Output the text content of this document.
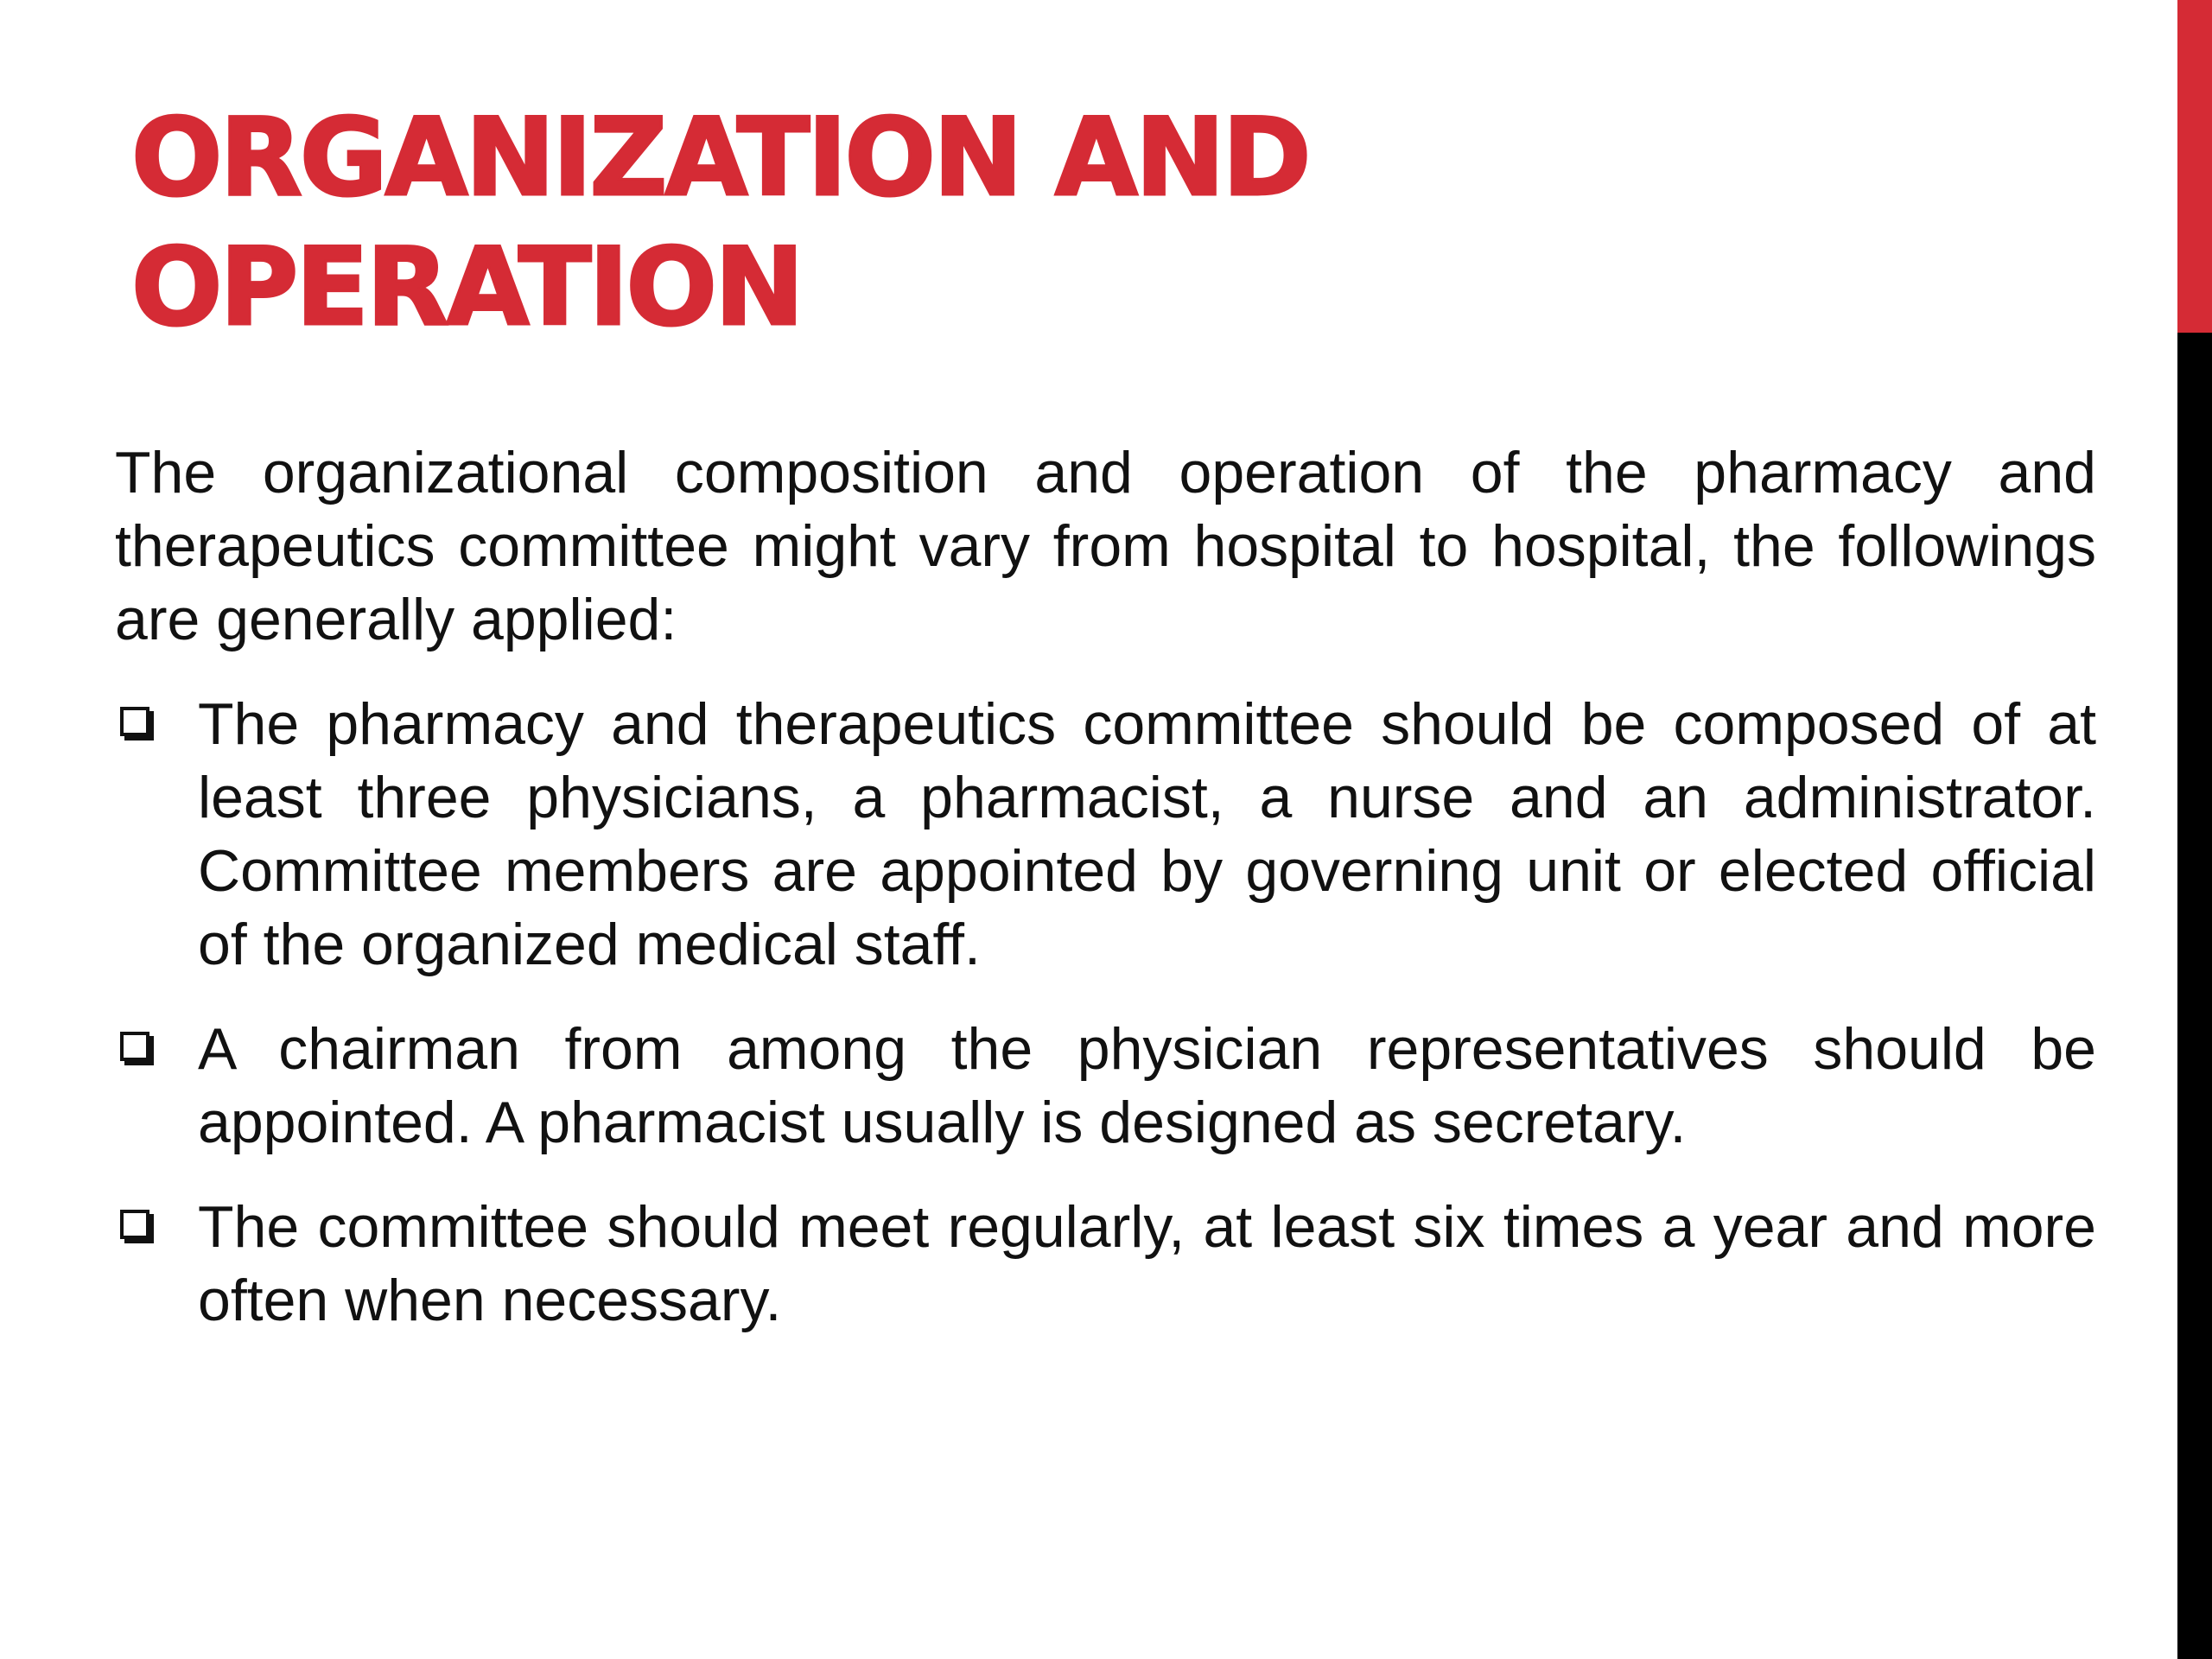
ORGANIZATION AND
OPERATION

The organizational composition and operation of the pharmacy and therapeutics committee might vary from hospital to hospital, the followings are generally applied:

The pharmacy and therapeutics committee should be composed of at least three physicians, a pharmacist, a nurse and an administrator. Committee members are appointed by governing unit or elected official of the organized medical staff.
A chairman from among the physician representatives should be appointed. A pharmacist usually is designed as secretary.
The committee should meet regularly, at least six times a year and more often when necessary.
